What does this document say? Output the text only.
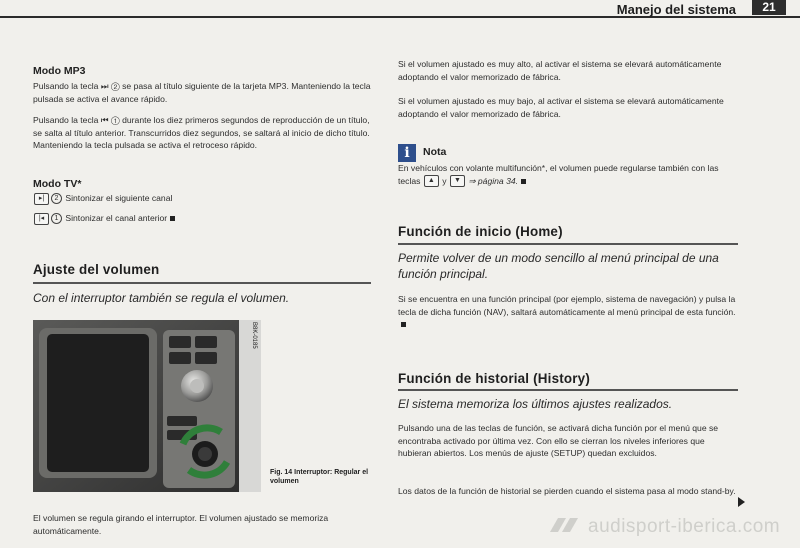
Manejo del sistema	21
Modo MP3

Pulsando la tecla ⏭ ② se pasa al título siguiente de la tarjeta MP3. Manteniendo la tecla pulsada se activa el avance rápido.

Pulsando la tecla ⏮ ① durante los diez primeros segundos de reproducción de un título, se salta al título anterior. Transcurridos diez segundos, se saltará al inicio de dicho título. Manteniendo la tecla pulsada se activa el retroceso rápido.

Modo TV*
▸| 2 Sintonizar el siguiente canal
|◂ 1 Sintonizar el canal anterior
Ajuste del volumen

Con el interruptor también se regula el volumen.

B8K-0185
Fig. 14 Interruptor: Regular el volumen

El volumen se regula girando el interruptor. El volumen ajustado se memoriza automáticamente.

Si el volumen ajustado es muy alto, al activar el sistema se elevará automáticamente adoptando el valor memorizado de fábrica.

Si el volumen ajustado es muy bajo, al activar el sistema se elevará automáticamente adoptando el valor memorizado de fábrica.

i	Nota

En vehículos con volante multifunción*, el volumen puede regularse también con las teclas ▲ y ▼ ⇒ página 34.

Función de inicio (Home)

Permite volver de un modo sencillo al menú principal de una función principal.

Si se encuentra en una función principal (por ejemplo, sistema de navegación) y pulsa la tecla de dicha función (NAV), saltará automáticamente al menú principal de esta función.

Función de historial (History)

El sistema memoriza los últimos ajustes realizados.

Pulsando una de las teclas de función, se activará dicha función por el menú que se encontraba activado por última vez. Con ello se cierran los niveles inferiores que hubieran abiertos. Los menús de ajuste (SETUP) quedan excluidos.

Los datos de la función de historial se pierden cuando el sistema pasa al modo stand-by.

audisport-iberica.com
